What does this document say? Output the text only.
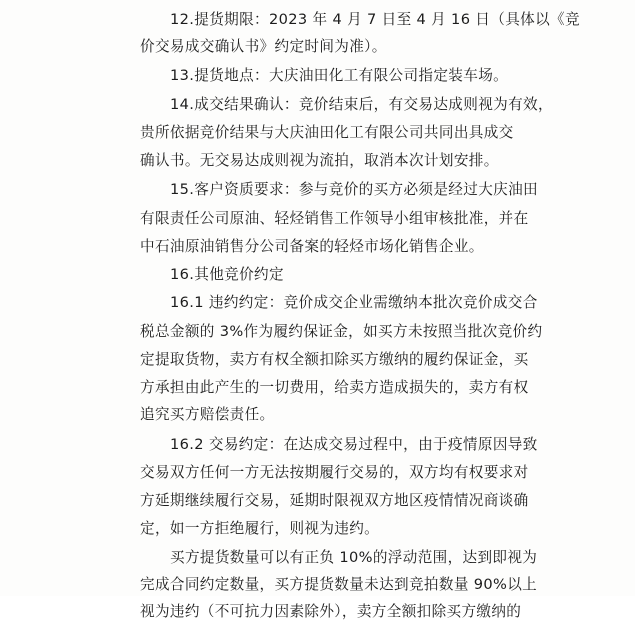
12.提货期限：2023 年 4 月 7 日至 4 月 16 日（具体以《竞
价交易成交确认书》约定时间为准）。
13.提货地点：大庆油田化工有限公司指定装车场。
14.成交结果确认：竞价结束后，有交易达成则视为有效，
贵所依据竞价结果与大庆油田化工有限公司共同出具成交
确认书。无交易达成则视为流拍，取消本次计划安排。
15.客户资质要求：参与竞价的买方必须是经过大庆油田
有限责任公司原油、轻烃销售工作领导小组审核批准，并在
中石油原油销售分公司备案的轻烃市场化销售企业。
16.其他竞价约定
16.1 违约约定：竞价成交企业需缴纳本批次竞价成交合
税总金额的 3%作为履约保证金，如买方未按照当批次竞价约
定提取货物，卖方有权全额扣除买方缴纳的履约保证金，买
方承担由此产生的一切费用，给卖方造成损失的，卖方有权
追究买方赔偿责任。
16.2 交易约定：在达成交易过程中，由于疫情原因导致
交易双方任何一方无法按期履行交易的，双方均有权要求对
方延期继续履行交易，延期时限视双方地区疫情情况商谈确
定，如一方拒绝履行，则视为违约。
买方提货数量可以有正负 10%的浮动范围，达到即视为
完成合同约定数量，买方提货数量未达到竞拍数量 90%以上
视为违约（不可抗力因素除外），卖方全额扣除买方缴纳的
